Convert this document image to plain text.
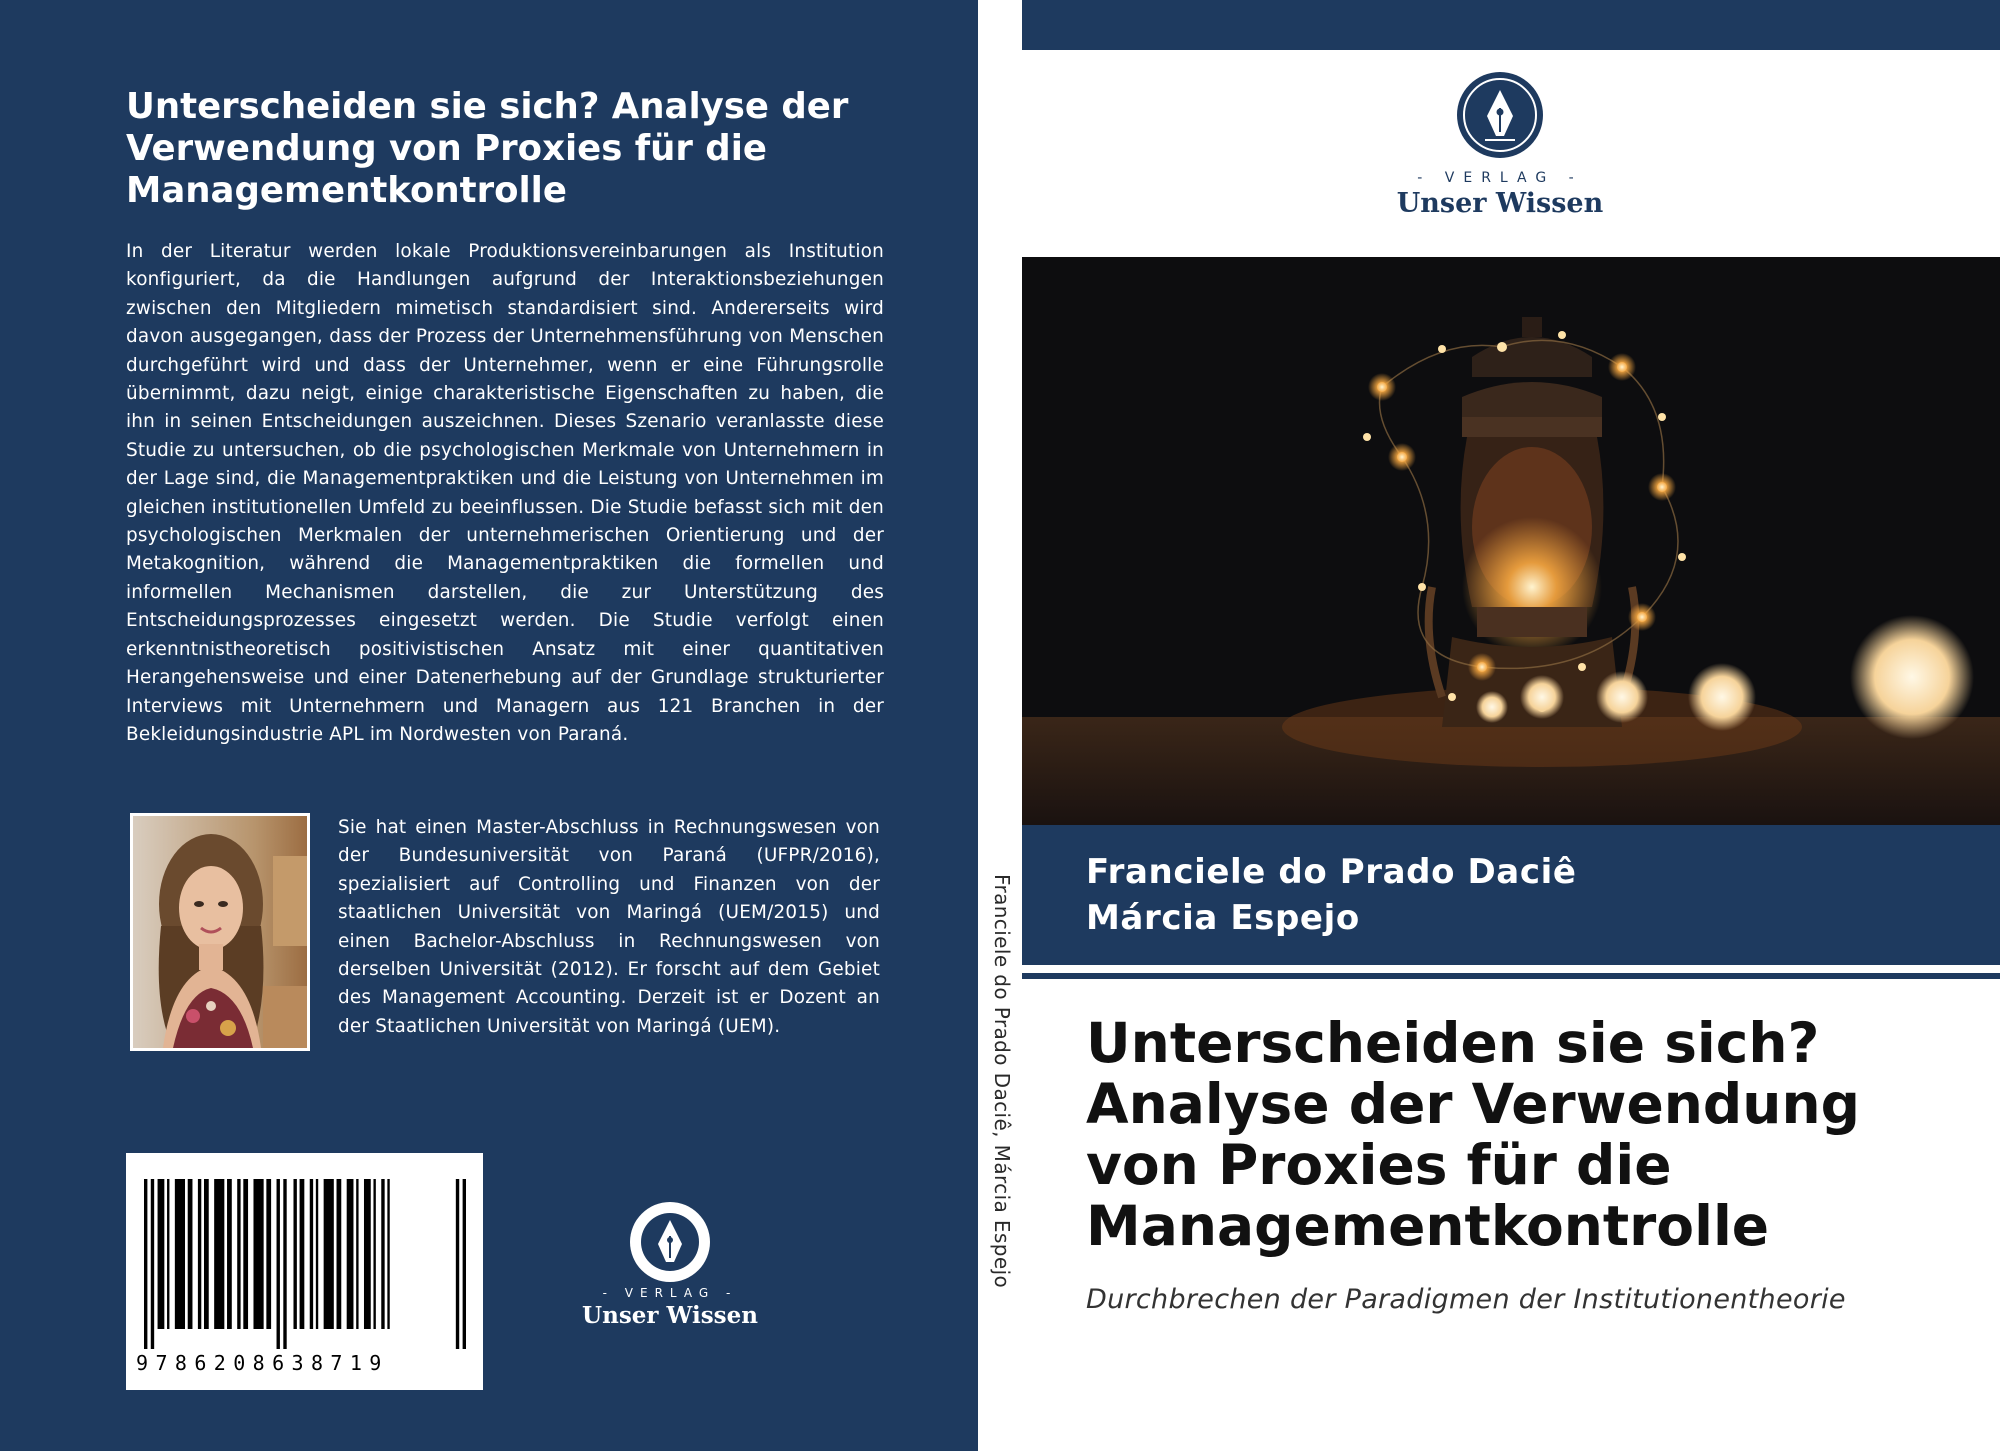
Unterscheiden sie sich? Analyse der Verwendung von Proxies für die Managementkontrolle
In der Literatur werden lokale Produktionsvereinbarungen als Institution konfiguriert, da die Handlungen aufgrund der Interaktionsbeziehungen zwischen den Mitgliedern mimetisch standardisiert sind. Andererseits wird davon ausgegangen, dass der Prozess der Unternehmensführung von Menschen durchgeführt wird und dass der Unternehmer, wenn er eine Führungsrolle übernimmt, dazu neigt, einige charakteristische Eigenschaften zu haben, die ihn in seinen Entscheidungen auszeichnen. Dieses Szenario veranlasste diese Studie zu untersuchen, ob die psychologischen Merkmale von Unternehmern in der Lage sind, die Managementpraktiken und die Leistung von Unternehmen im gleichen institutionellen Umfeld zu beeinflussen. Die Studie befasst sich mit den psychologischen Merkmalen der unternehmerischen Orientierung und der Metakognition, während die Managementpraktiken die formellen und informellen Mechanismen darstellen, die zur Unterstützung des Entscheidungsprozesses eingesetzt werden. Die Studie verfolgt einen erkenntnistheoretisch positivistischen Ansatz mit einer quantitativen Herangehensweise und einer Datenerhebung auf der Grundlage strukturierter Interviews mit Unternehmern und Managern aus 121 Branchen in der Bekleidungsindustrie APL im Nordwesten von Paraná.
Sie hat einen Master-Abschluss in Rechnungswesen von der Bundesuniversität von Paraná (UFPR/2016), spezialisiert auf Controlling und Finanzen von der staatlichen Universität von Maringá (UEM/2015) und einen Bachelor-Abschluss in Rechnungswesen von derselben Universität (2012). Er forscht auf dem Gebiet des Management Accounting. Derzeit ist er Dozent an der Staatlichen Universität von Maringá (UEM).
9786208638719
- VERLAG -
Unser Wissen
Franciele do Prado Daciê, Márcia Espejo
- VERLAG -
Unser Wissen
Franciele do Prado Daciê
Márcia Espejo
Unterscheiden sie sich? Analyse der Verwendung von Proxies für die Managementkontrolle
Durchbrechen der Paradigmen der Institutionentheorie
